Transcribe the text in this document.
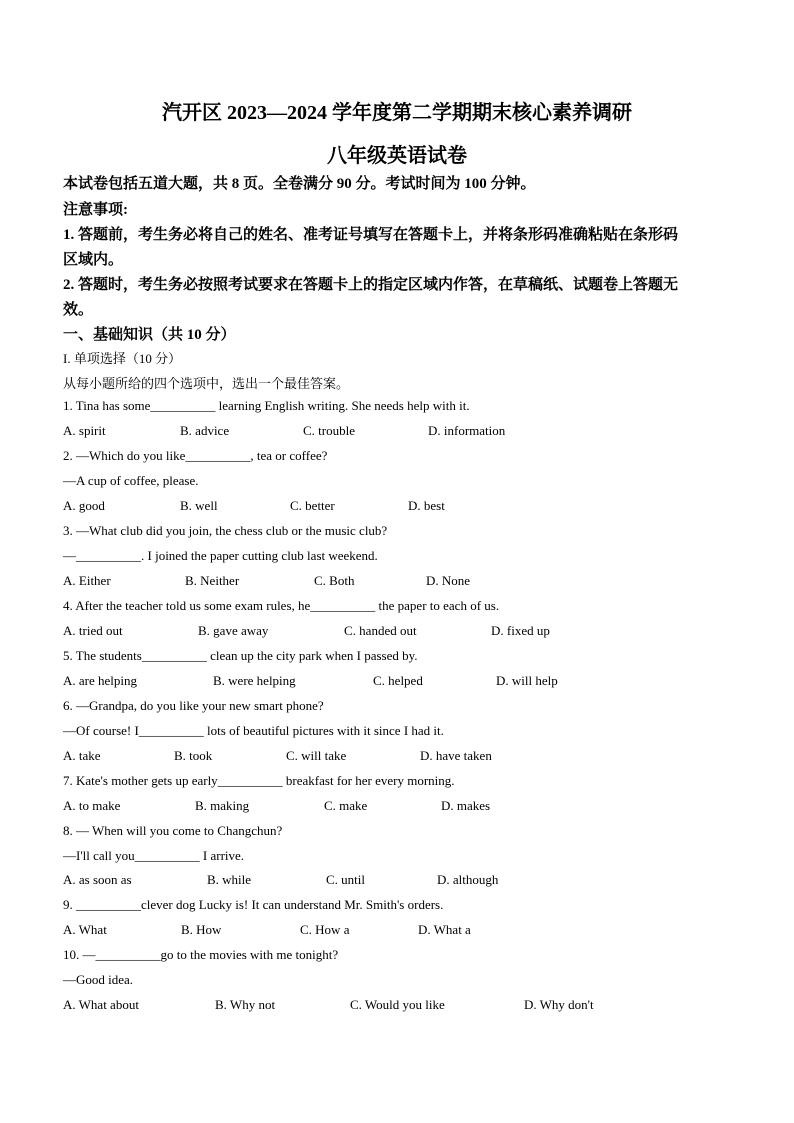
汽开区 2023—2024 学年度第二学期期末核心素养调研
八年级英语试卷
本试卷包括五道大题，共 8 页。全卷满分 90 分。考试时间为 100 分钟。
注意事项:
1. 答题前，考生务必将自己的姓名、准考证号填写在答题卡上，并将条形码准确粘贴在条形码
区域内。
2. 答题时，考生务必按照考试要求在答题卡上的指定区域内作答，在草稿纸、试题卷上答题无
效。
一、基础知识（共 10 分）
I. 单项选择（10 分）
从每小题所给的四个选项中，选出一个最佳答案。
1. Tina has some__________ learning English writing. She needs help with it.
A. spirit	B. advice	C. trouble	D. information
2. —Which do you like__________, tea or coffee?
—A cup of coffee, please.
A. good	B. well	C. better	D. best
3. —What club did you join, the chess club or the music club?
—__________. I joined the paper cutting club last weekend.
A. Either	B. Neither	C. Both	D. None
4. After the teacher told us some exam rules, he__________ the paper to each of us.
A. tried out	B. gave away	C. handed out	D. fixed up
5. The students__________ clean up the city park when I passed by.
A. are helping	B. were helping	C. helped	D. will help
6. —Grandpa, do you like your new smart phone?
—Of course! I__________ lots of beautiful pictures with it since I had it.
A. take	B. took	C. will take	D. have taken
7. Kate's mother gets up early__________ breakfast for her every morning.
A. to make	B. making	C. make	D. makes
8. — When will you come to Changchun?
—I'll call you__________ I arrive.
A. as soon as	B. while	C. until	D. although
9. __________clever dog Lucky is! It can understand Mr. Smith's orders.
A. What	B. How	C. How a	D. What a
10. —__________go to the movies with me tonight?
—Good idea.
A. What about	B. Why not	C. Would you like	D. Why don't
